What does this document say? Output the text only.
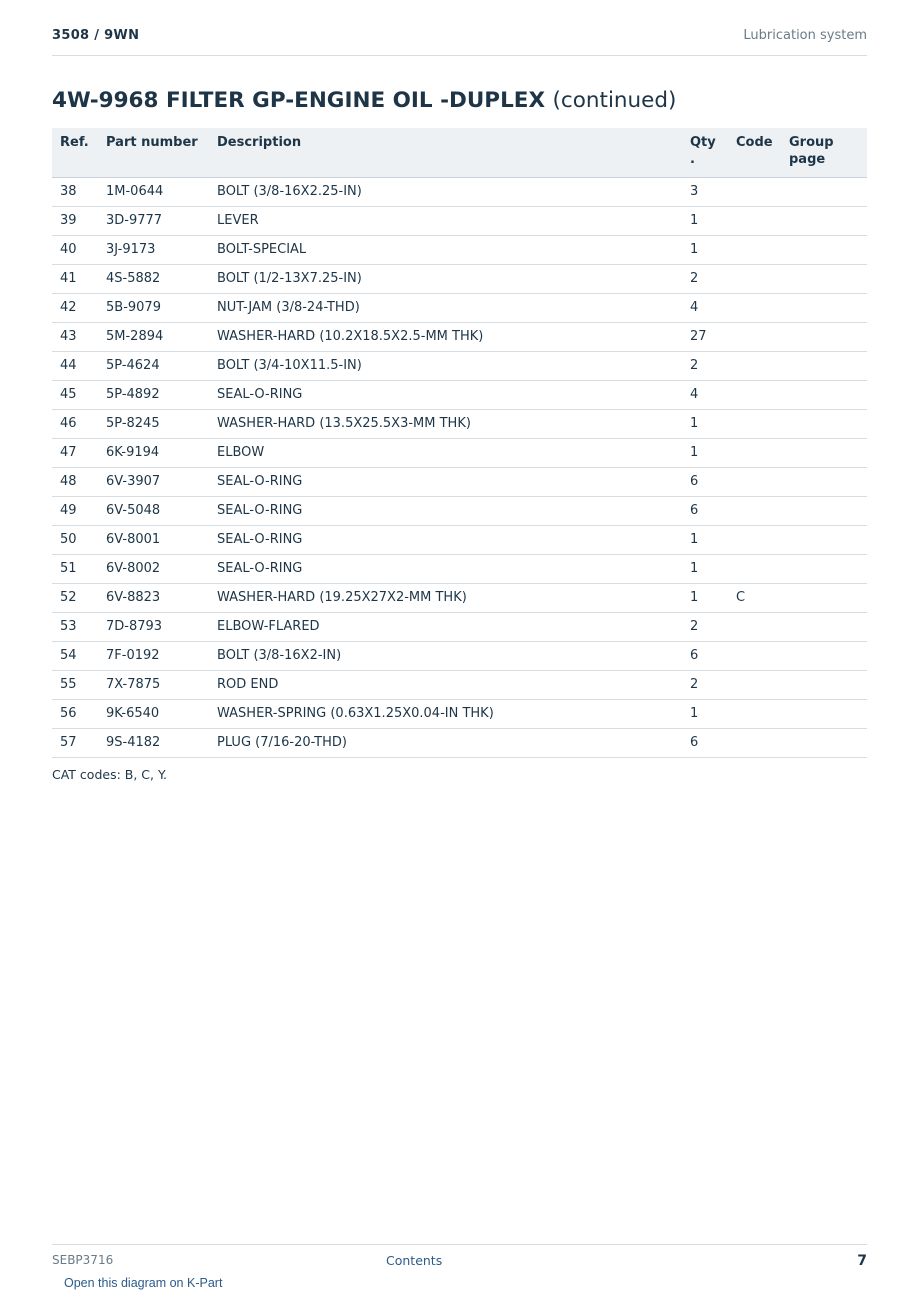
3508 / 9WN	Lubrication system
4W-9968 FILTER GP-ENGINE OIL -DUPLEX (continued)
Ref.	Part number	Description	Qty .	Code	Group page
38	1M-0644	BOLT (3/8-16X2.25-IN)	3		
39	3D-9777	LEVER	1		
40	3J-9173	BOLT-SPECIAL	1		
41	4S-5882	BOLT (1/2-13X7.25-IN)	2		
42	5B-9079	NUT-JAM (3/8-24-THD)	4		
43	5M-2894	WASHER-HARD (10.2X18.5X2.5-MM THK)	27		
44	5P-4624	BOLT (3/4-10X11.5-IN)	2		
45	5P-4892	SEAL-O-RING	4		
46	5P-8245	WASHER-HARD (13.5X25.5X3-MM THK)	1		
47	6K-9194	ELBOW	1		
48	6V-3907	SEAL-O-RING	6		
49	6V-5048	SEAL-O-RING	6		
50	6V-8001	SEAL-O-RING	1		
51	6V-8002	SEAL-O-RING	1		
52	6V-8823	WASHER-HARD (19.25X27X2-MM THK)	1	C	
53	7D-8793	ELBOW-FLARED	2		
54	7F-0192	BOLT (3/8-16X2-IN)	6		
55	7X-7875	ROD END	2		
56	9K-6540	WASHER-SPRING (0.63X1.25X0.04-IN THK)	1		
57	9S-4182	PLUG (7/16-20-THD)	6		
CAT codes: B, C, Y.
SEBP3716	Contents	7
Open this diagram on K-Part
